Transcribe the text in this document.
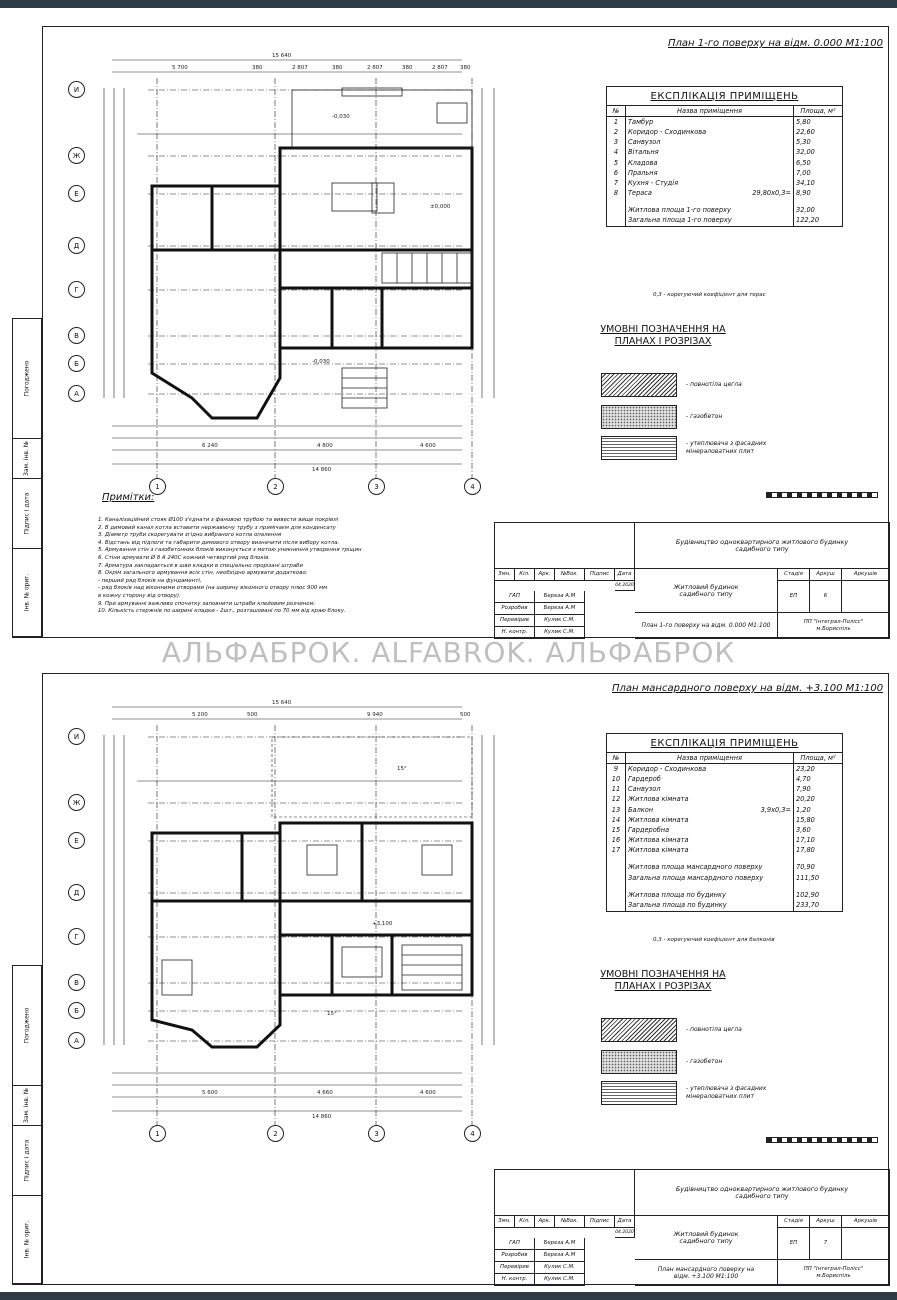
Погоджено
Зам. інв. №
Підпис і дата
Інв. № ориг.
План 1-го поверху на відм. 0.000 М1:100
15 640
5 700	380	2 807	380	2 807	380	2 807 380
6 240	4 800	4 600
14 860
-0,030
±0,000
-0,030
И
Ж
Е
Д
Г
В
Б
А
1	2	3	4
ЕКСПЛІКАЦІЯ ПРИМІЩЕНЬ		
№	Назва приміщення	Площа, м²
1	Тамбур	5,80
2	Коридор - Сходинкова	22,60
3	Санвузол	5,30
4	Вітальня	32,00
5	Кладова	6,50
6	Пральня	7,00
7	Кухня - Студія	34,10
8	Тераса 29,80х0,3=	8,90

	Житлова площа 1-го поверху	32,00
	Загальна площа 1-го поверху	122,20
0,3 - корегуючий коефіцієнт для терас
УМОВНІ ПОЗНАЧЕННЯ НА ПЛАНАХ І РОЗРІЗАХ
- повнотіла цегла
- газобетон
- утеплювача з фасадних мінераловатних плит
Примітки:
1. Каналізаційний стояк Ø100 з'єднати з фановою трубою та вивести вище покрівлі
2. В димовий канал котла вставити нержавіючу трубу з примічаєм для конденсату
3. Діаметр труби скорегувати згідно вибраного котла опалення
4. Відстань від підлоги та габарити димового отвору визначити після вибору котла.
5. Армування стін з газобетонних блоків виконується з метою уникнення утворення тріщин
6. Стіни армувати Ø 8 А 240С кожний четвертий ряд блоків.
7. Арматура закладається в шви кладки в спеціально прорізані штраби
8. Окрім загального армування всіх стін, необхідно армувати додатково:
- перший ряд блоків на фундаменті,
- ряд блоків над віконними отворами (на ширину віконного отвору плюс 900 мм
в кожну сторону від отвору).
9. При армуванні важливо спочатку заповнити штраби клейовим розчином.
10. Кількість стержнів по ширині кладки - 2шт., розташовані по 70 мм від краю блоку.
Будівництво одноквартирного житлового будинку садибного типу
Змн.	Кіл.	Арк.	№Вок.	Підпис	Дата
04.2020
ГАП	Береза А.М
Розробив	Береза А.М
Перевірив	Кулик С.М.
Н. контр.	Кулик С.М.
Житловий будинок садибного типу
Стадія	Аркуш	Аркушів
ЕП	6
План 1-го поверху на відм. 0.000 М1:100
ПП "Інтеграл-Полісс" м.Бориспіль
АЛЬФАБРОК. ALFABROK. АЛЬФАБРОК
Погоджено
Зам. інв. №
Підпис і дата
Інв. № ориг.
План мансардного поверху на відм. +3.100 М1:100
15 640
5 200	500	9 940	500
5 600	4 660	4 600
14 860
+3,100
15°
15°
И
Ж
Е
Д
Г
В
Б
А
1	2	3	4
ЕКСПЛІКАЦІЯ ПРИМІЩЕНЬ		
№	Назва приміщення	Площа, м²
9	Коридор - Сходинкова	23,20
10	Гардероб	4,70
11	Санвузол	7,90
12	Житлова кімната	20,20
13	Балкон 3,9х0,3=	1,20
14	Житлова кімната	15,80
15	Гардеробна	3,60
16	Житлова кімната	17,10
17	Житлова кімната	17,80

	Житлова площа мансардного поверху	70,90
	Загальна площа мансардного поверху	111,50

	Житлова площа по будинку	102,90
	Загальна площа по будинку	233,70
0,3 - корегуючий коефіцієнт для балконів
УМОВНІ ПОЗНАЧЕННЯ НА ПЛАНАХ І РОЗРІЗАХ
- повнотіла цегла
- газобетон
- утеплювача з фасадних мінераловатних плит
Будівництво одноквартирного житлового будинку садибного типу
Змн.	Кіл.	Арк.	№Вок.	Підпис	Дата
04.2020
ГАП	Береза А.М
Розробив	Береза А.М
Перевірив	Кулик С.М.
Н. контр.	Кулик С.М.
Житловий будинок садибного типу
Стадія	Аркуш	Аркушів
ЕП	7
План мансардного поверху на відм. +3.100 М1:100
ПП "Інтеграл-Полісс" м.Бориспіль
